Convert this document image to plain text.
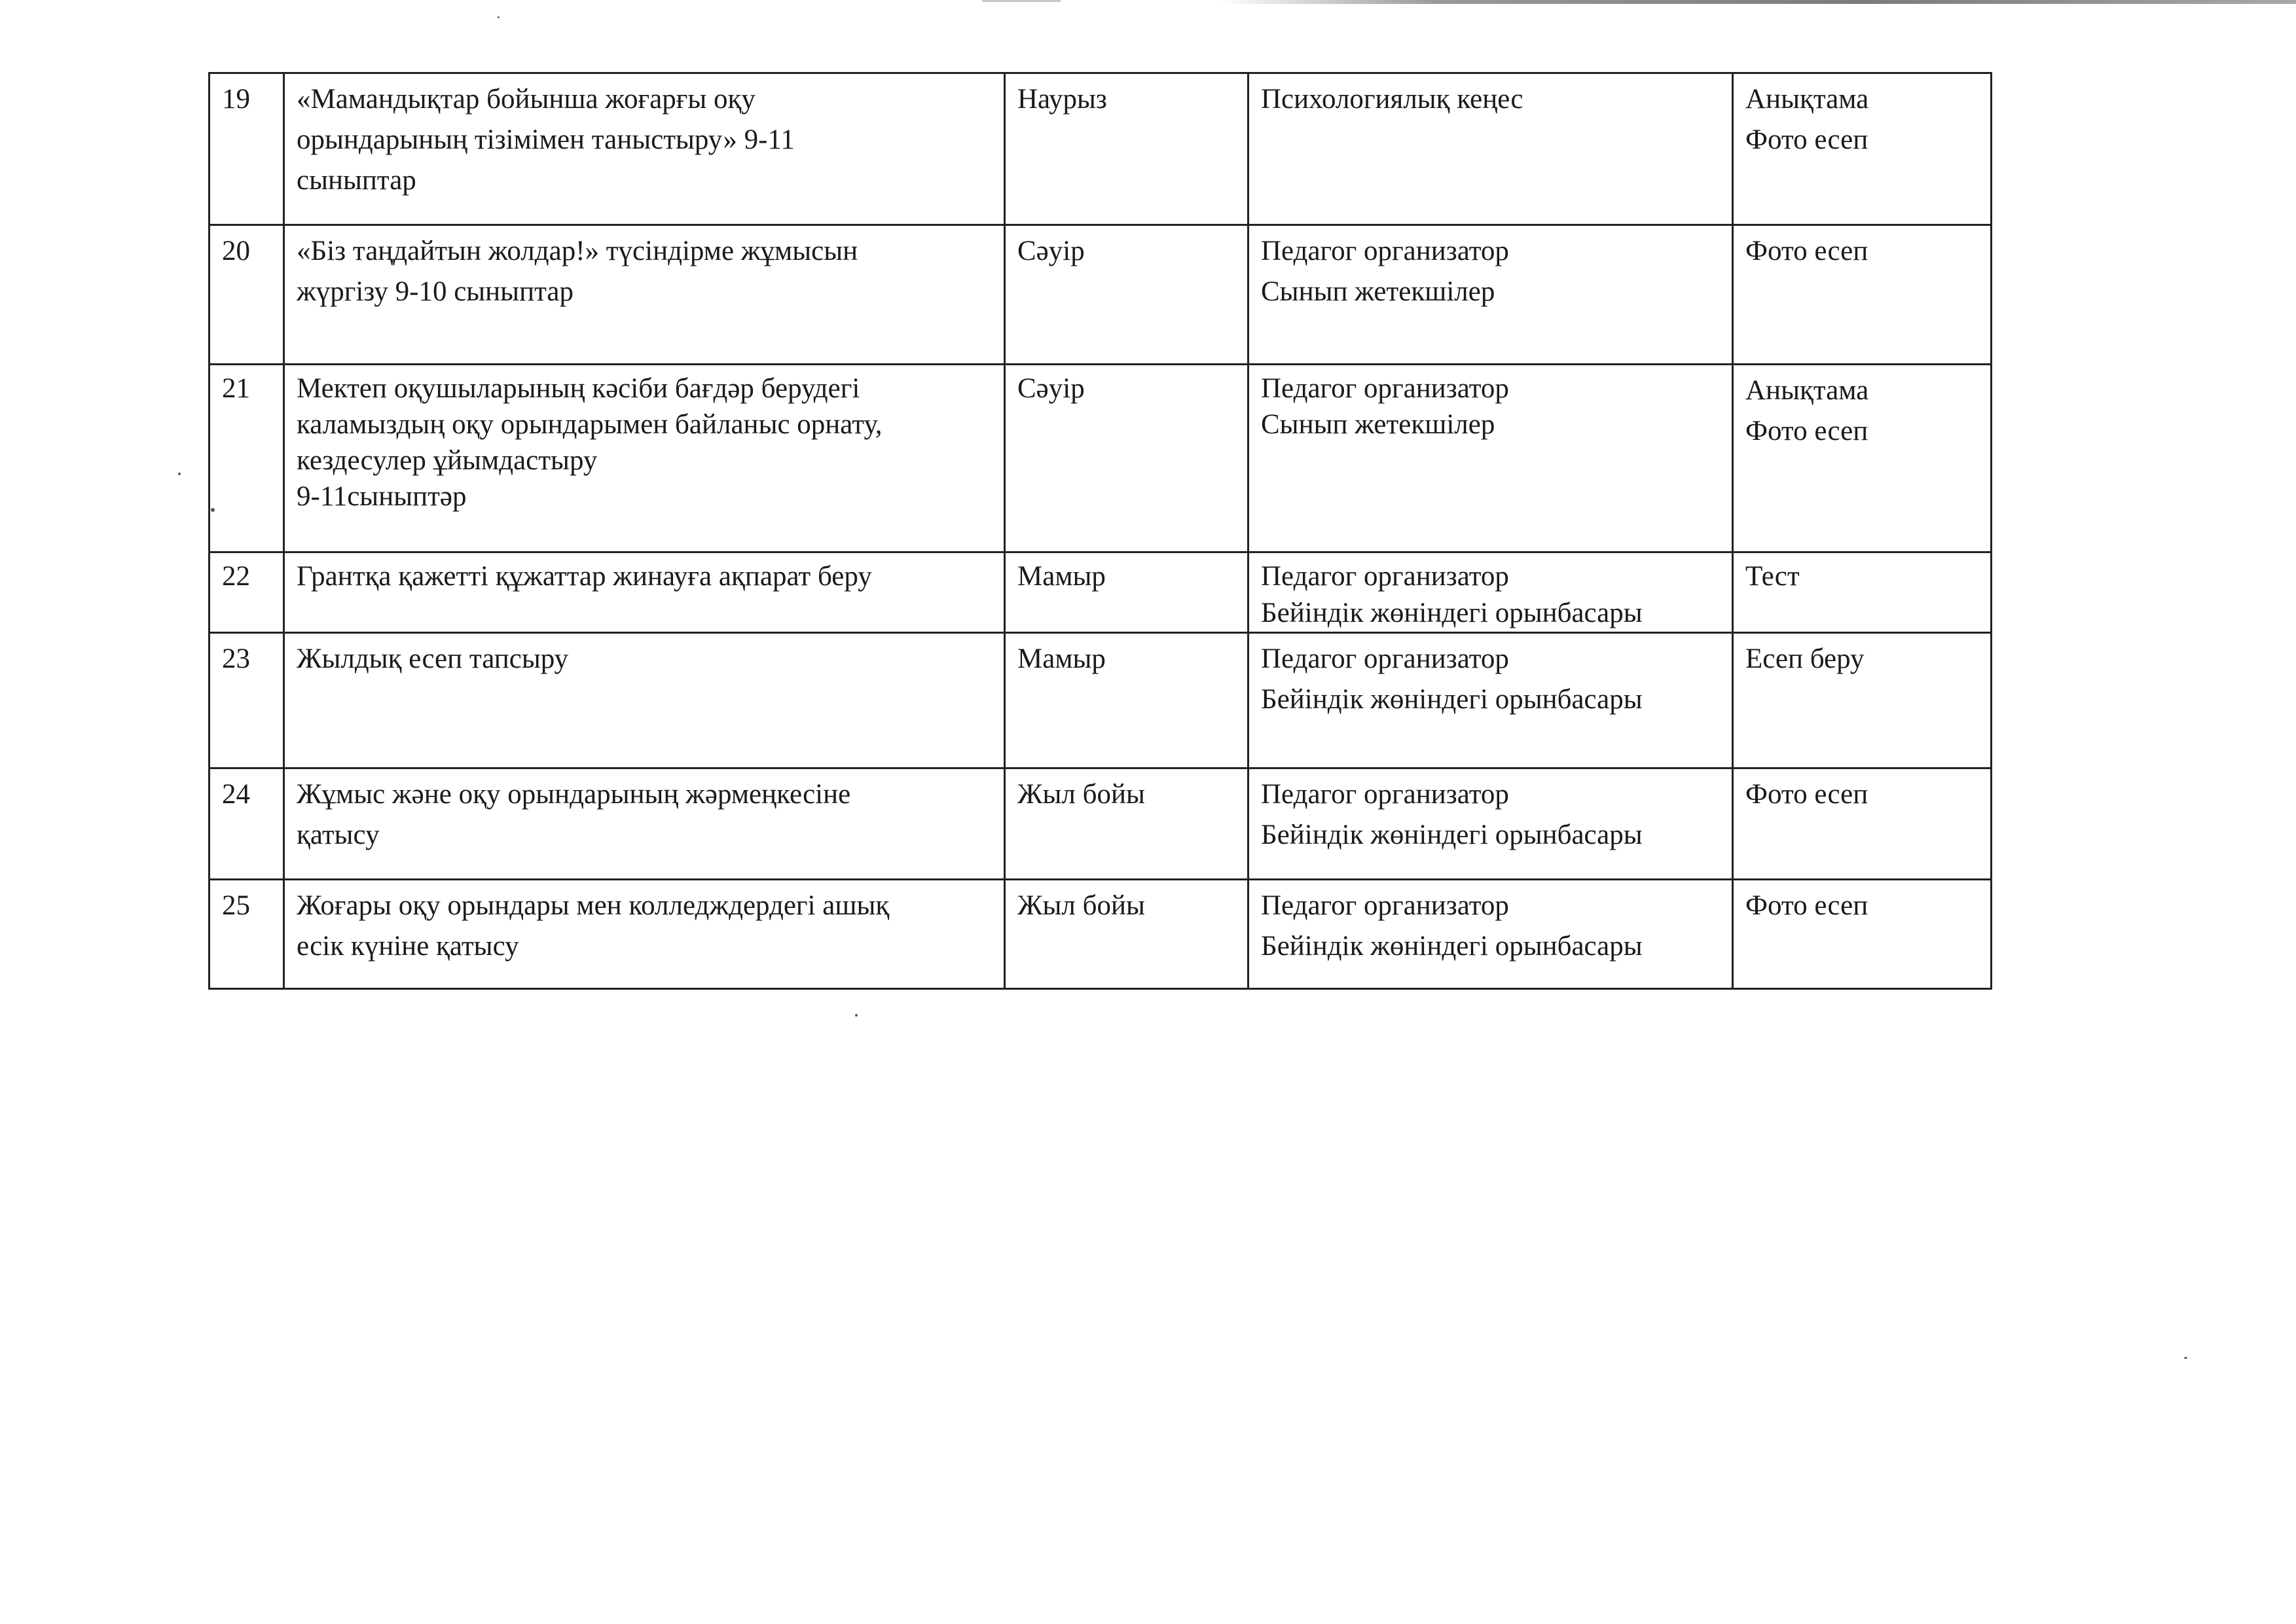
19	«Мамандықтар бойынша жоғарғы оқу
орындарының тізімімен таныстыру» 9-11
сыныптар	Наурыз	Психологиялық кеңес	Анықтама
Фото есеп

20	«Біз таңдайтын жолдар!» түсіндірме жұмысын
жүргізу 9-10 сыныптар	Сәуір	Педагог организатор
Сынып жетекшілер	Фото есеп

21	Мектеп оқушыларының кәсіби бағдәр берудегі
каламыздың оқу орындарымен байланыс орнату,
кездесулер ұйымдастыру
9-11сыныптәр	Сәуір	Педагог организатор
Сынып жетекшілер	Анықтама
Фото есеп

22	Грантқа қажетті құжаттар жинауға ақпарат беру	Мамыр	Педагог организатор
Бейіндік жөніндегі орынбасары	Тест

23	Жылдық есеп тапсыру	Мамыр	Педагог организатор
Бейіндік жөніндегі орынбасары	Есеп беру

24	Жұмыс және оқу орындарының жәрмеңкесіне
қатысу	Жыл бойы	Педагог организатор
Бейіндік жөніндегі орынбасары	Фото есеп

25	Жоғары оқу орындары мен колледждердегі ашық
есік күніне қатысу	Жыл бойы	Педагог организатор
Бейіндік жөніндегі орынбасары	Фото есеп
